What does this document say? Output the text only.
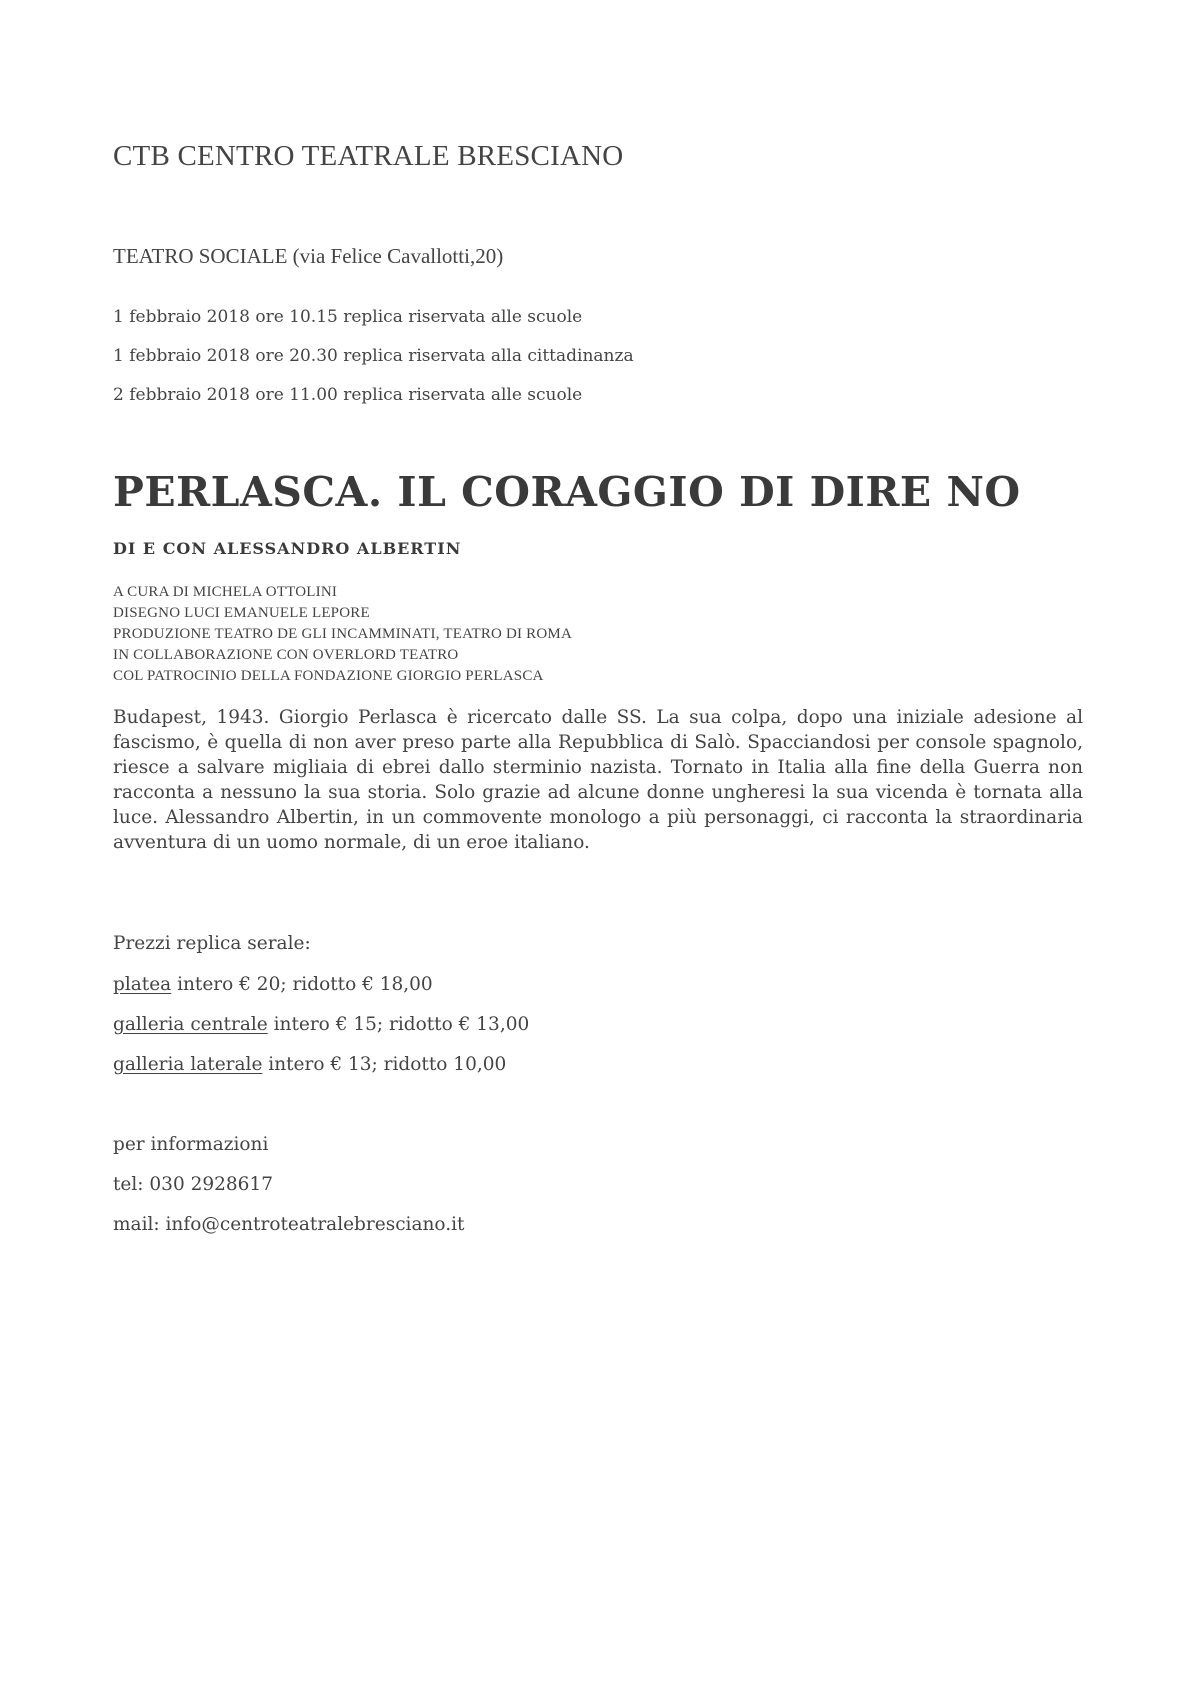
CTB CENTRO TEATRALE BRESCIANO
TEATRO SOCIALE (via Felice Cavallotti,20)
1 febbraio 2018 ore 10.15 replica riservata alle scuole
1 febbraio 2018 ore 20.30 replica riservata alla cittadinanza
2 febbraio 2018 ore 11.00 replica riservata alle scuole
PERLASCA. IL CORAGGIO DI DIRE NO
DI E CON ALESSANDRO ALBERTIN
A CURA DI MICHELA OTTOLINI
DISEGNO LUCI EMANUELE LEPORE
PRODUZIONE TEATRO DE GLI INCAMMINATI, TEATRO DI ROMA
IN COLLABORAZIONE CON OVERLORD TEATRO
COL PATROCINIO DELLA FONDAZIONE GIORGIO PERLASCA

Budapest, 1943. Giorgio Perlasca è ricercato dalle SS. La sua colpa, dopo una iniziale adesione al fascismo, è quella di non aver preso parte alla Repubblica di Salò. Spacciandosi per console spagnolo, riesce a salvare migliaia di ebrei dallo sterminio nazista. Tornato in Italia alla fine della Guerra non racconta a nessuno la sua storia. Solo grazie ad alcune donne ungheresi la sua vicenda è tornata alla luce. Alessandro Albertin, in un commovente monologo a più personaggi, ci racconta la straordinaria avventura di un uomo normale, di un eroe italiano.

Prezzi replica serale:
platea intero € 20; ridotto € 18,00
galleria centrale intero € 15; ridotto € 13,00
galleria laterale intero € 13; ridotto 10,00
per informazioni
tel: 030 2928617
mail: info@centroteatralebresciano.it
